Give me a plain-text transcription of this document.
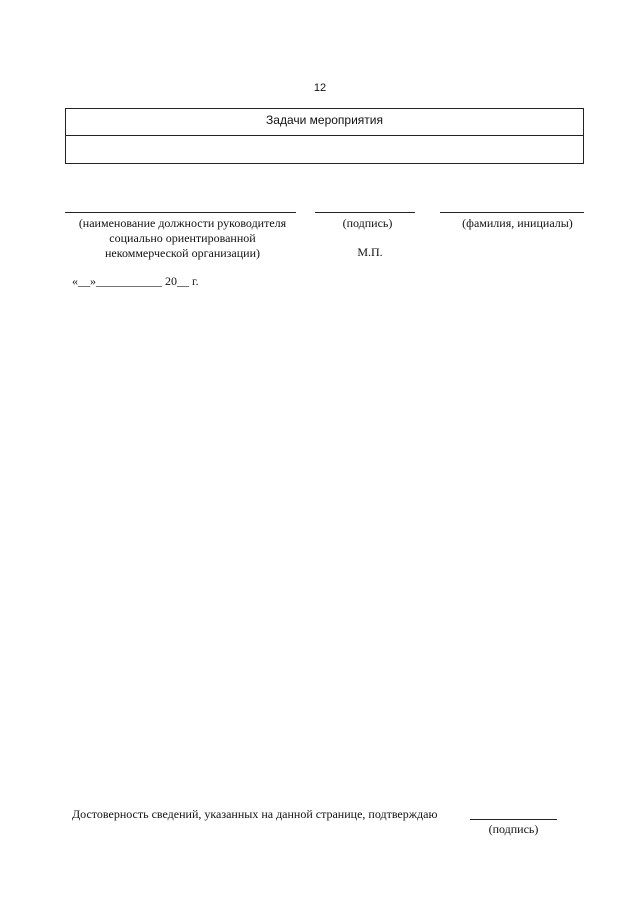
12
Задачи мероприятия
(наименование должности руководителя
социально ориентированной
некоммерческой организации)
(подпись)
М.П.
(фамилия, инициалы)
«__»___________ 20__ г.
Достоверность сведений, указанных на данной странице, подтверждаю
(подпись)
